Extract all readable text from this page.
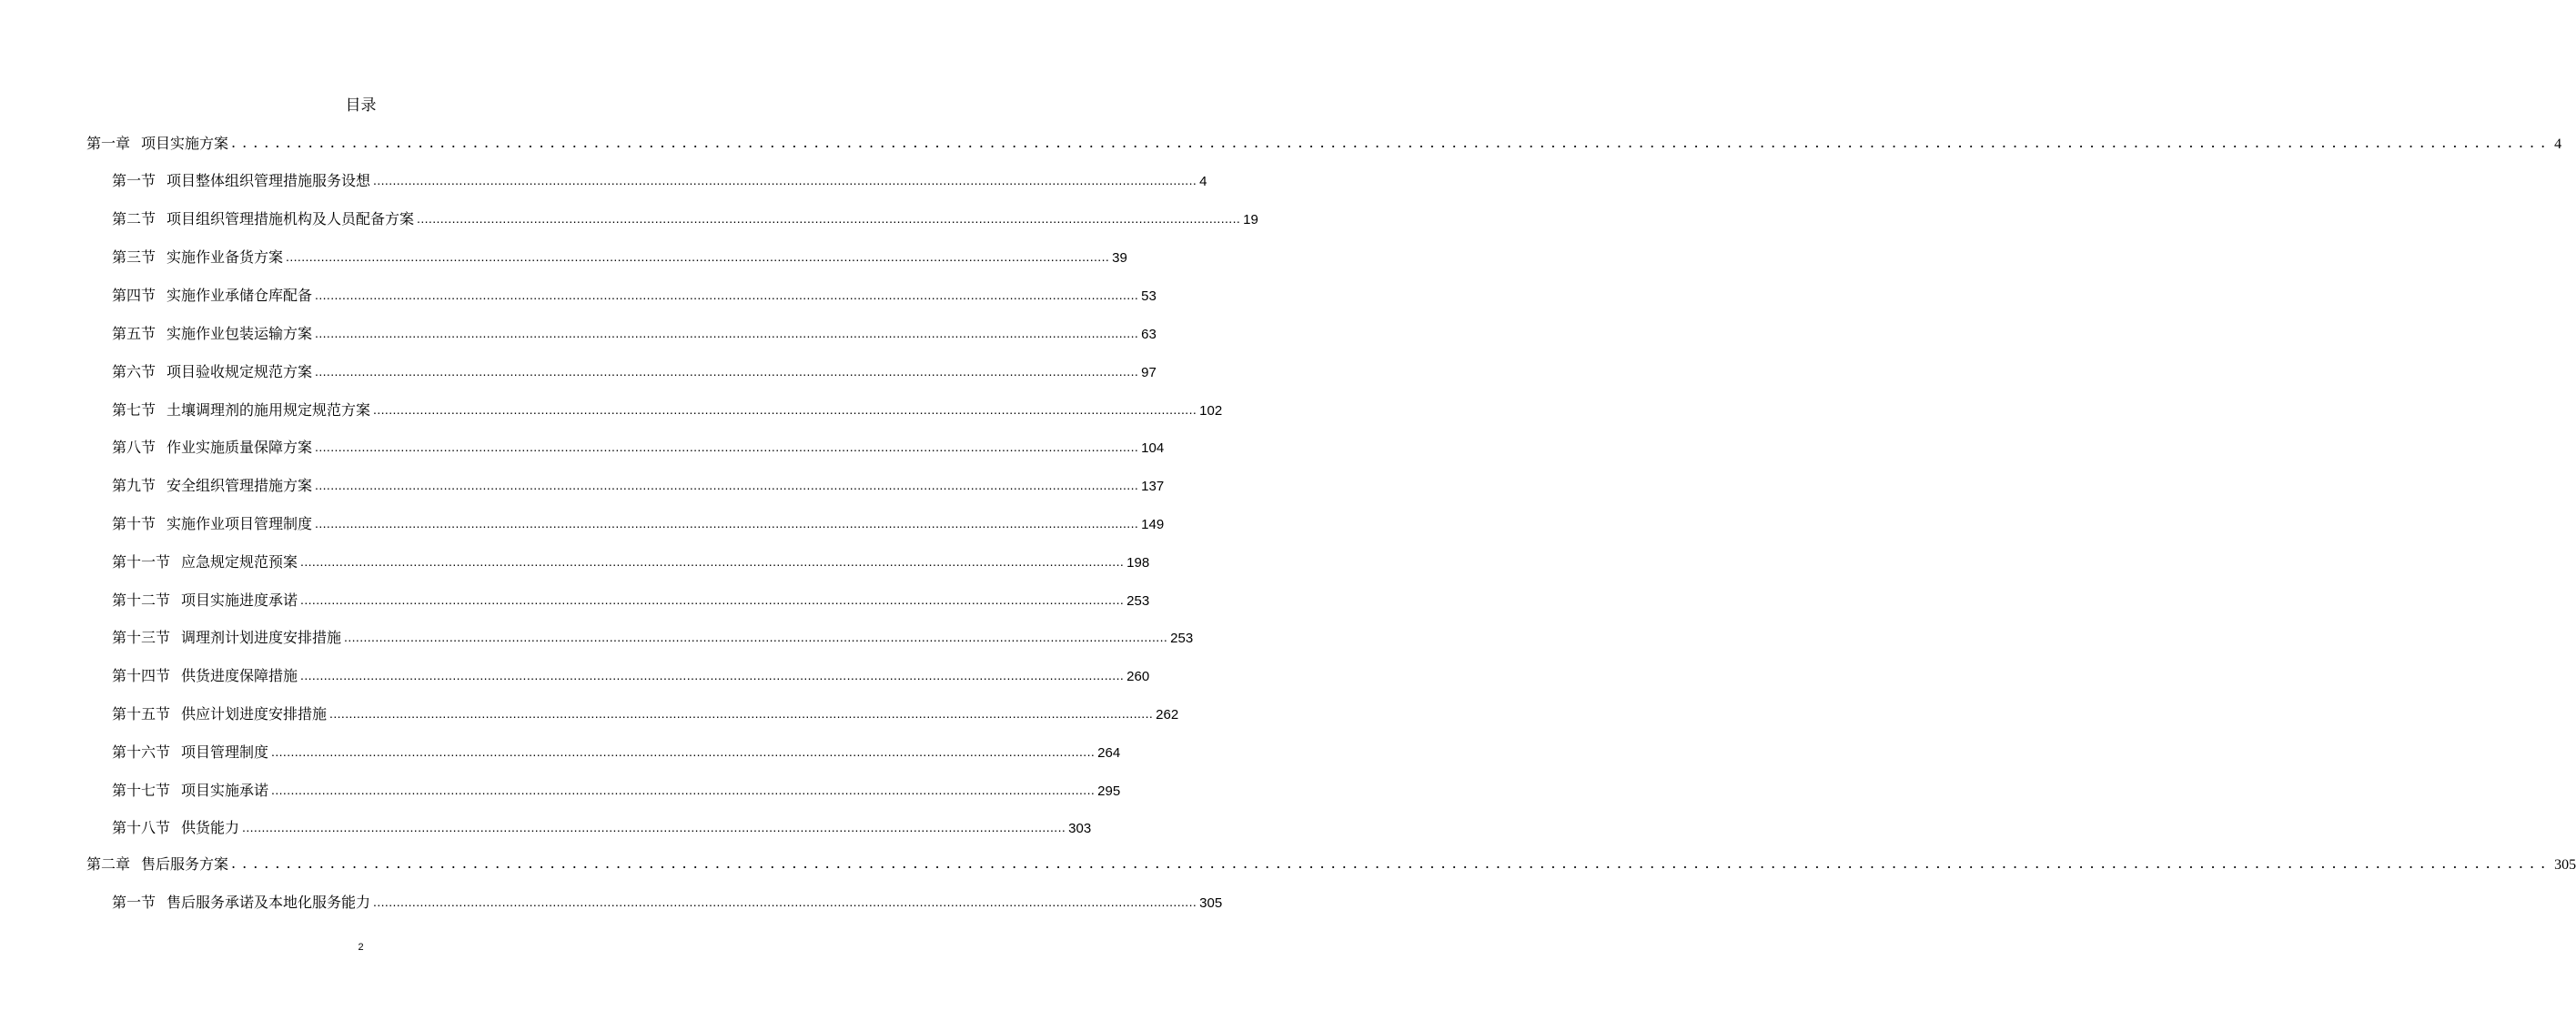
目录
第一章 项目实施方案 ................................................................................................................................................................................................................... 4
第一节 项目整体组织管理措施服务设想 ................................................................................................................................................................................................................... 4
第二节 项目组织管理措施机构及人员配备方案 ................................................................................................................................................................................................................... 19
第三节 实施作业备货方案 ................................................................................................................................................................................................................... 39
第四节 实施作业承储仓库配备 ................................................................................................................................................................................................................... 53
第五节 实施作业包装运输方案 ................................................................................................................................................................................................................... 63
第六节 项目验收规定规范方案 ................................................................................................................................................................................................................... 97
第七节 土壤调理剂的施用规定规范方案 ................................................................................................................................................................................................................... 102
第八节 作业实施质量保障方案 ................................................................................................................................................................................................................... 104
第九节 安全组织管理措施方案 ................................................................................................................................................................................................................... 137
第十节 实施作业项目管理制度 ................................................................................................................................................................................................................... 149
第十一节 应急规定规范预案 ................................................................................................................................................................................................................... 198
第十二节 项目实施进度承诺 ................................................................................................................................................................................................................... 253
第十三节 调理剂计划进度安排措施 ................................................................................................................................................................................................................... 253
第十四节 供货进度保障措施 ................................................................................................................................................................................................................... 260
第十五节 供应计划进度安排措施 ................................................................................................................................................................................................................... 262
第十六节 项目管理制度 ................................................................................................................................................................................................................... 264
第十七节 项目实施承诺 ................................................................................................................................................................................................................... 295
第十八节 供货能力 ................................................................................................................................................................................................................... 303
第二章 售后服务方案 ................................................................................................................................................................................................................... 305
第一节 售后服务承诺及本地化服务能力 ................................................................................................................................................................................................................... 305
2
